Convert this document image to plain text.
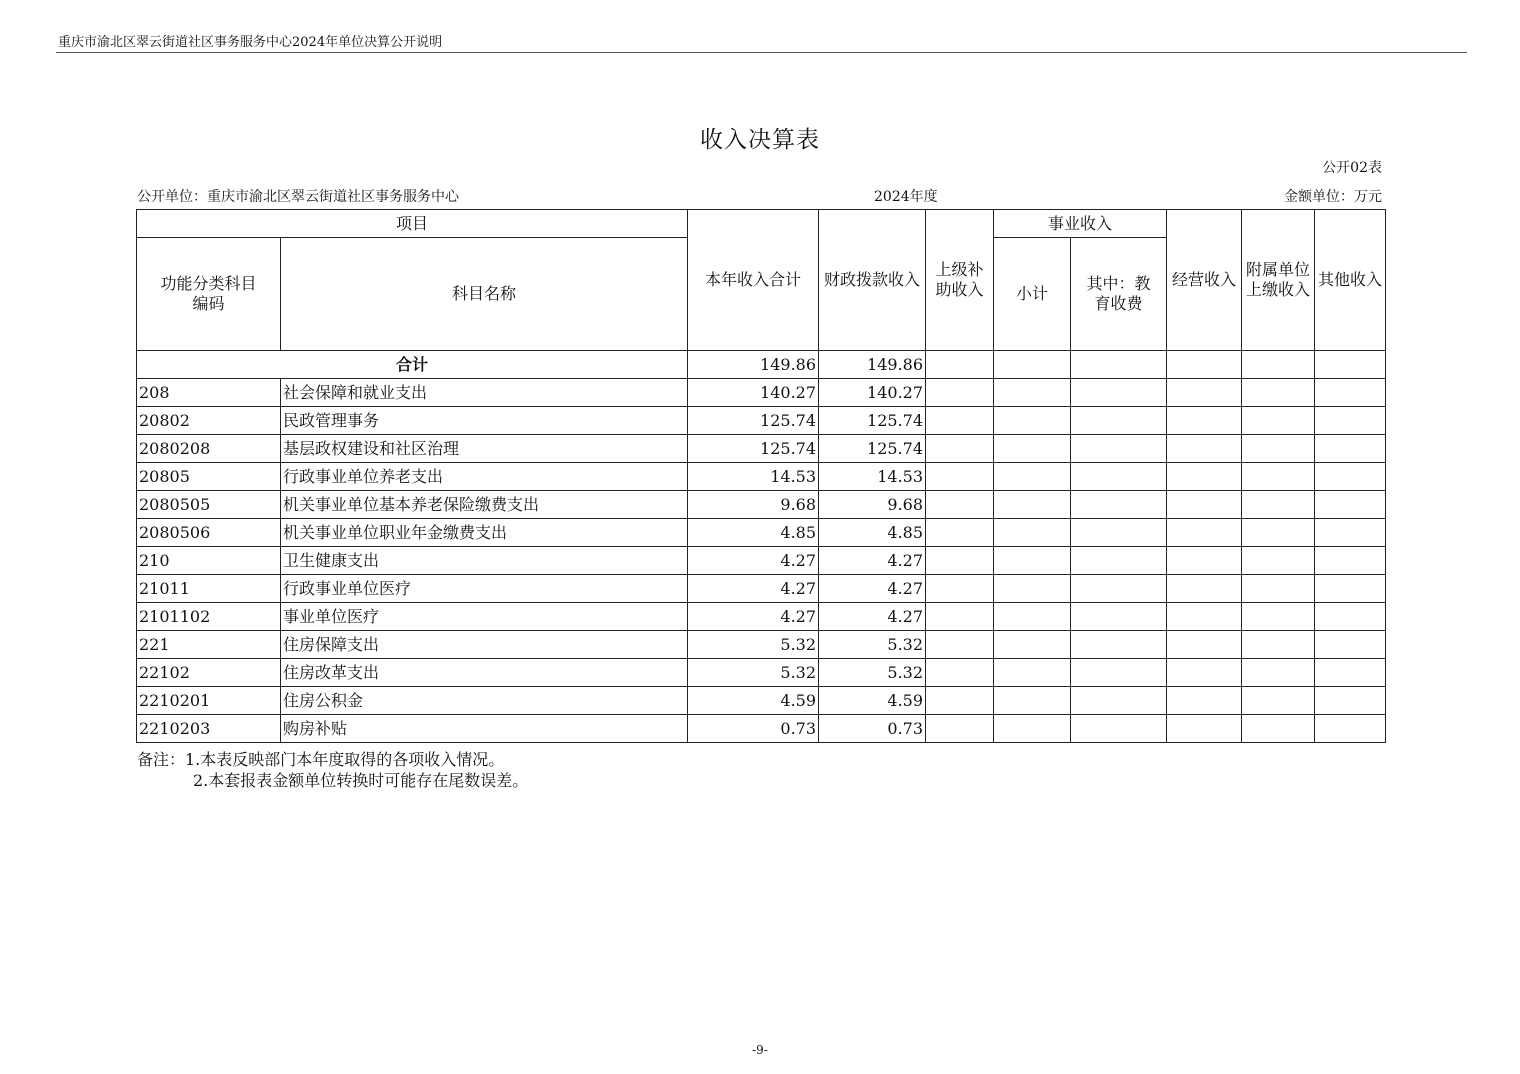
重庆市渝北区翠云街道社区事务服务中心2024年单位决算公开说明
收入决算表
公开02表
公开单位：重庆市渝北区翠云街道社区事务服务中心	2024年度	金额单位：万元
项目		本年收入合计	财政拨款收入	上级补助收入	事业收入		经营收入	附属单位上缴收入	其他收入
功能分类科目编码	科目名称				小计	其中：教育收费			
合计		149.86	149.86						
208	社会保障和就业支出	140.27	140.27						
20802	民政管理事务	125.74	125.74						
2080208	基层政权建设和社区治理	125.74	125.74						
20805	行政事业单位养老支出	14.53	14.53						
2080505	机关事业单位基本养老保险缴费支出	9.68	9.68						
2080506	机关事业单位职业年金缴费支出	4.85	4.85						
210	卫生健康支出	4.27	4.27						
21011	行政事业单位医疗	4.27	4.27						
2101102	事业单位医疗	4.27	4.27						
221	住房保障支出	5.32	5.32						
22102	住房改革支出	5.32	5.32						
2210201	住房公积金	4.59	4.59						
2210203	购房补贴	0.73	0.73						
备注：1.本表反映部门本年度取得的各项收入情况。
2.本套报表金额单位转换时可能存在尾数误差。
-9-
